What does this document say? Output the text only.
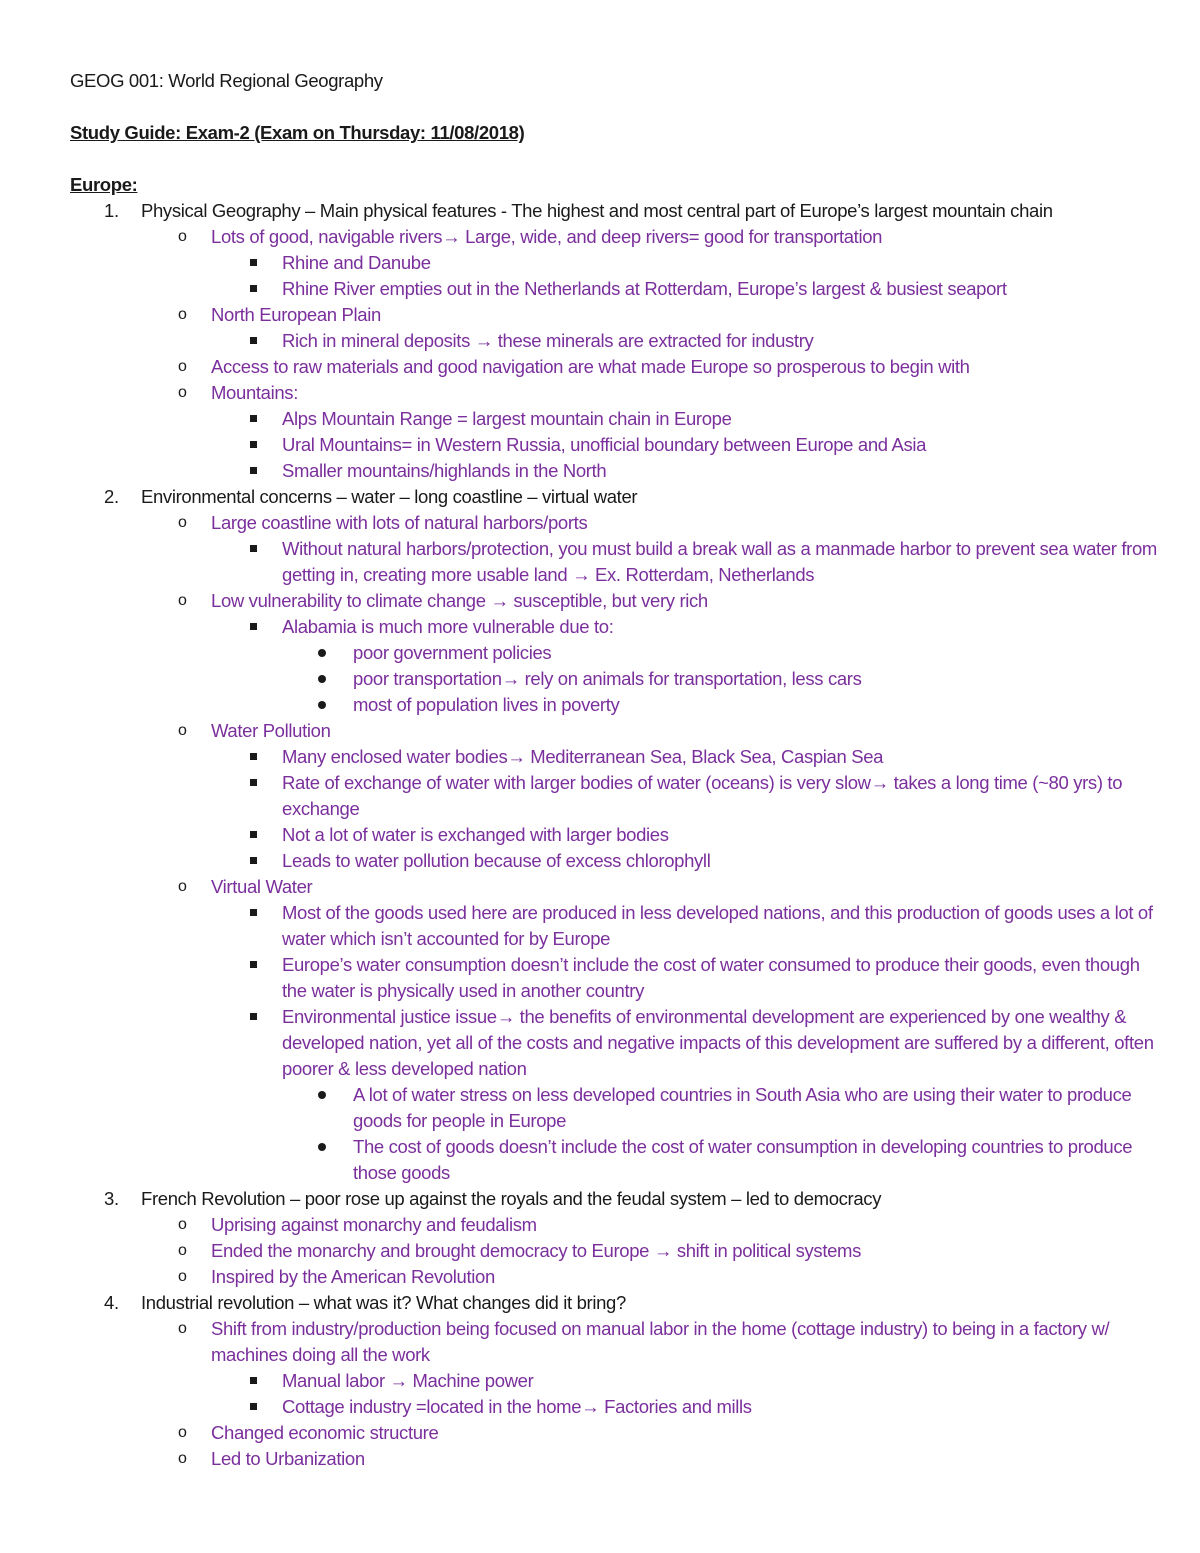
GEOG 001: World Regional Geography
Study Guide: Exam-2 (Exam on Thursday: 11/08/2018)
Europe:
1. Physical Geography – Main physical features - The highest and most central part of Europe’s largest mountain chain
o Lots of good, navigable rivers→ Large, wide, and deep rivers= good for transportation
Rhine and Danube
Rhine River empties out in the Netherlands at Rotterdam, Europe’s largest & busiest seaport
o North European Plain
Rich in mineral deposits → these minerals are extracted for industry
o Access to raw materials and good navigation are what made Europe so prosperous to begin with
o Mountains:
Alps Mountain Range = largest mountain chain in Europe
Ural Mountains= in Western Russia, unofficial boundary between Europe and Asia
Smaller mountains/highlands in the North
2. Environmental concerns – water – long coastline – virtual water
o Large coastline with lots of natural harbors/ports
Without natural harbors/protection, you must build a break wall as a manmade harbor to prevent sea water from getting in, creating more usable land → Ex. Rotterdam, Netherlands
o Low vulnerability to climate change → susceptible, but very rich
Alabamia is much more vulnerable due to:
poor government policies
poor transportation→ rely on animals for transportation, less cars
most of population lives in poverty
o Water Pollution
Many enclosed water bodies→ Mediterranean Sea, Black Sea, Caspian Sea
Rate of exchange of water with larger bodies of water (oceans) is very slow→ takes a long time (~80 yrs) to exchange
Not a lot of water is exchanged with larger bodies
Leads to water pollution because of excess chlorophyll
o Virtual Water
Most of the goods used here are produced in less developed nations, and this production of goods uses a lot of water which isn’t accounted for by Europe
Europe’s water consumption doesn’t include the cost of water consumed to produce their goods, even though the water is physically used in another country
Environmental justice issue→ the benefits of environmental development are experienced by one wealthy & developed nation, yet all of the costs and negative impacts of this development are suffered by a different, often poorer & less developed nation
A lot of water stress on less developed countries in South Asia who are using their water to produce goods for people in Europe
The cost of goods doesn’t include the cost of water consumption in developing countries to produce those goods
3. French Revolution – poor rose up against the royals and the feudal system – led to democracy
o Uprising against monarchy and feudalism
o Ended the monarchy and brought democracy to Europe → shift in political systems
o Inspired by the American Revolution
4. Industrial revolution – what was it? What changes did it bring?
o Shift from industry/production being focused on manual labor in the home (cottage industry) to being in a factory w/ machines doing all the work
Manual labor → Machine power
Cottage industry =located in the home→ Factories and mills
o Changed economic structure
o Led to Urbanization
